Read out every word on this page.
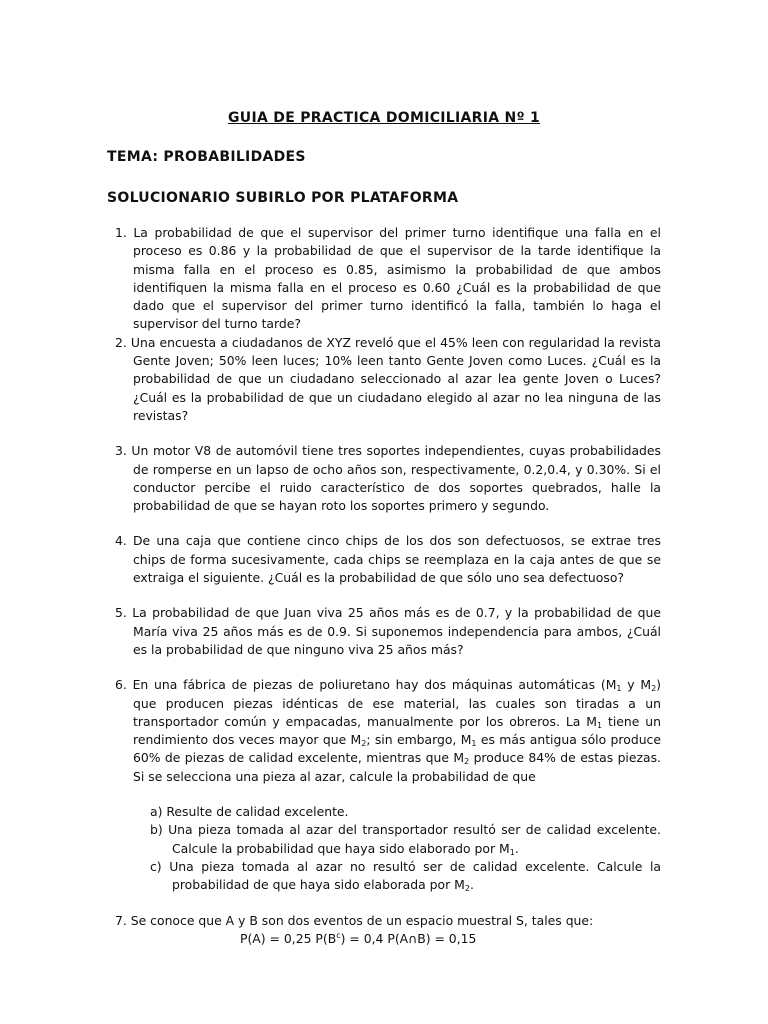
GUIA DE PRACTICA DOMICILIARIA Nº 1
TEMA: PROBABILIDADES
SOLUCIONARIO SUBIRLO POR PLATAFORMA

1. La probabilidad de que el supervisor del primer turno identifique una falla en el proceso es 0.86 y la probabilidad de que el supervisor de la tarde identifique la misma falla en el proceso es 0.85, asimismo la probabilidad de que ambos identifiquen la misma falla en el proceso es 0.60 ¿Cuál es la probabilidad de que dado que el supervisor del primer turno identificó la falla, también lo haga el supervisor del turno tarde?

2. Una encuesta a ciudadanos de XYZ reveló que el 45% leen con regularidad la revista Gente Joven; 50% leen luces; 10% leen tanto Gente Joven como Luces. ¿Cuál es la probabilidad de que un ciudadano seleccionado al azar lea gente Joven o Luces? ¿Cuál es la probabilidad de que un ciudadano elegido al azar no lea ninguna de las revistas?

3. Un motor V8 de automóvil tiene tres soportes independientes, cuyas probabilidades de romperse en un lapso de ocho años son, respectivamente, 0.2,0.4, y 0.30%. Si el conductor percibe el ruido característico de dos soportes quebrados, halle la probabilidad de que se hayan roto los soportes primero y segundo.

4. De una caja que contiene cinco chips de los dos son defectuosos, se extrae tres chips de forma sucesivamente, cada chips se reemplaza en la caja antes de que se extraiga el siguiente. ¿Cuál es la probabilidad de que sólo uno sea defectuoso?

5. La probabilidad de que Juan viva 25 años más es de 0.7, y la probabilidad de que María viva 25 años más es de 0.9. Si suponemos independencia para ambos, ¿Cuál es la probabilidad de que ninguno viva 25 años más?

6. En una fábrica de piezas de poliuretano hay dos máquinas automáticas ($M_1$ y $M_2$) que producen piezas idénticas de ese material, las cuales son tiradas a un transportador común y empacadas, manualmente por los obreros. La $M_1$ tiene un rendimiento dos veces mayor que $M_2$; sin embargo, $M_1$ es más antigua sólo produce 60% de piezas de calidad excelente, mientras que $M_2$ produce 84% de estas piezas. Si se selecciona una pieza al azar, calcule la probabilidad de que

a) Resulte de calidad excelente.

b) Una pieza tomada al azar del transportador resultó ser de calidad excelente. Calcule la probabilidad que haya sido elaborado por $M_1$.

c) Una pieza tomada al azar no resultó ser de calidad excelente. Calcule la probabilidad de que haya sido elaborada por $M_2$.

7. Se conoce que A y B son dos eventos de un espacio muestral S, tales que:

P(A) = 0,25 $P(B^c) = 0,4$ P(A∩B) = 0,15
